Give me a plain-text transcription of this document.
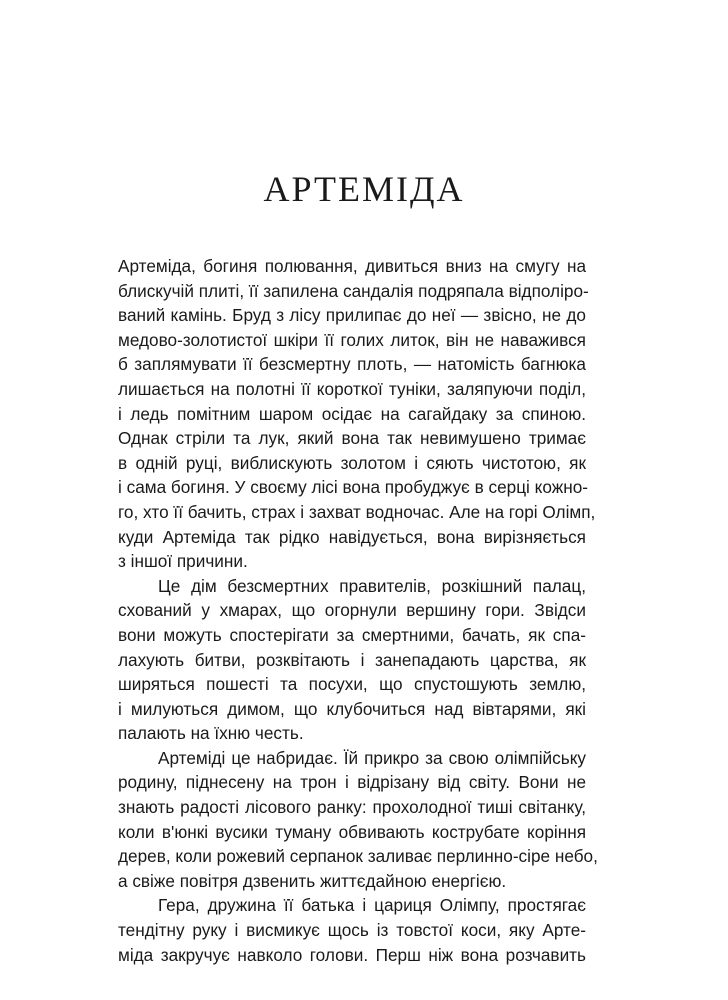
АРТЕМІДА
Артеміда, богиня полювання, дивиться вниз на смугу на
блискучій плиті, її запилена сандалія подряпала відполіро-
ваний камінь. Бруд з лісу прилипає до неї — звісно, не до
медово-золотистої шкіри її голих литок, він не наважився
б заплямувати її безсмертну плоть, — натомість багнюка
лишається на полотні її короткої туніки, заляпуючи поділ,
і ледь помітним шаром осідає на сагайдаку за спиною.
Однак стріли та лук, який вона так невимушено тримає
в одній руці, виблискують золотом і сяють чистотою, як
і сама богиня. У своєму лісі вона пробуджує в серці кожно-
го, хто її бачить, страх і захват водночас. Але на горі Олімп,
куди Артеміда так рідко навідується, вона вирізняється
з іншої причини.
Це дім безсмертних правителів, розкішний палац,
схований у хмарах, що огорнули вершину гори. Звідси
вони можуть спостерігати за смертними, бачать, як спа-
лахують битви, розквітають і занепадають царства, як
ширяться пошесті та посухи, що спустошують землю,
і милуються димом, що клубочиться над вівтарями, які
палають на їхню честь.
Артеміді це набридає. Їй прикро за свою олімпійську
родину, піднесену на трон і відрізану від світу. Вони не
знають радості лісового ранку: прохолодної тиші світанку,
коли в'юнкі вусики туману обвивають кострубате коріння
дерев, коли рожевий серпанок заливає перлинно-сіре небо,
а свіже повітря дзвенить життєдайною енергією.
Гера, дружина її батька і цариця Олімпу, простягає
тендітну руку і висмикує щось із товстої коси, яку Арте-
міда закручує навколо голови. Перш ніж вона розчавить
